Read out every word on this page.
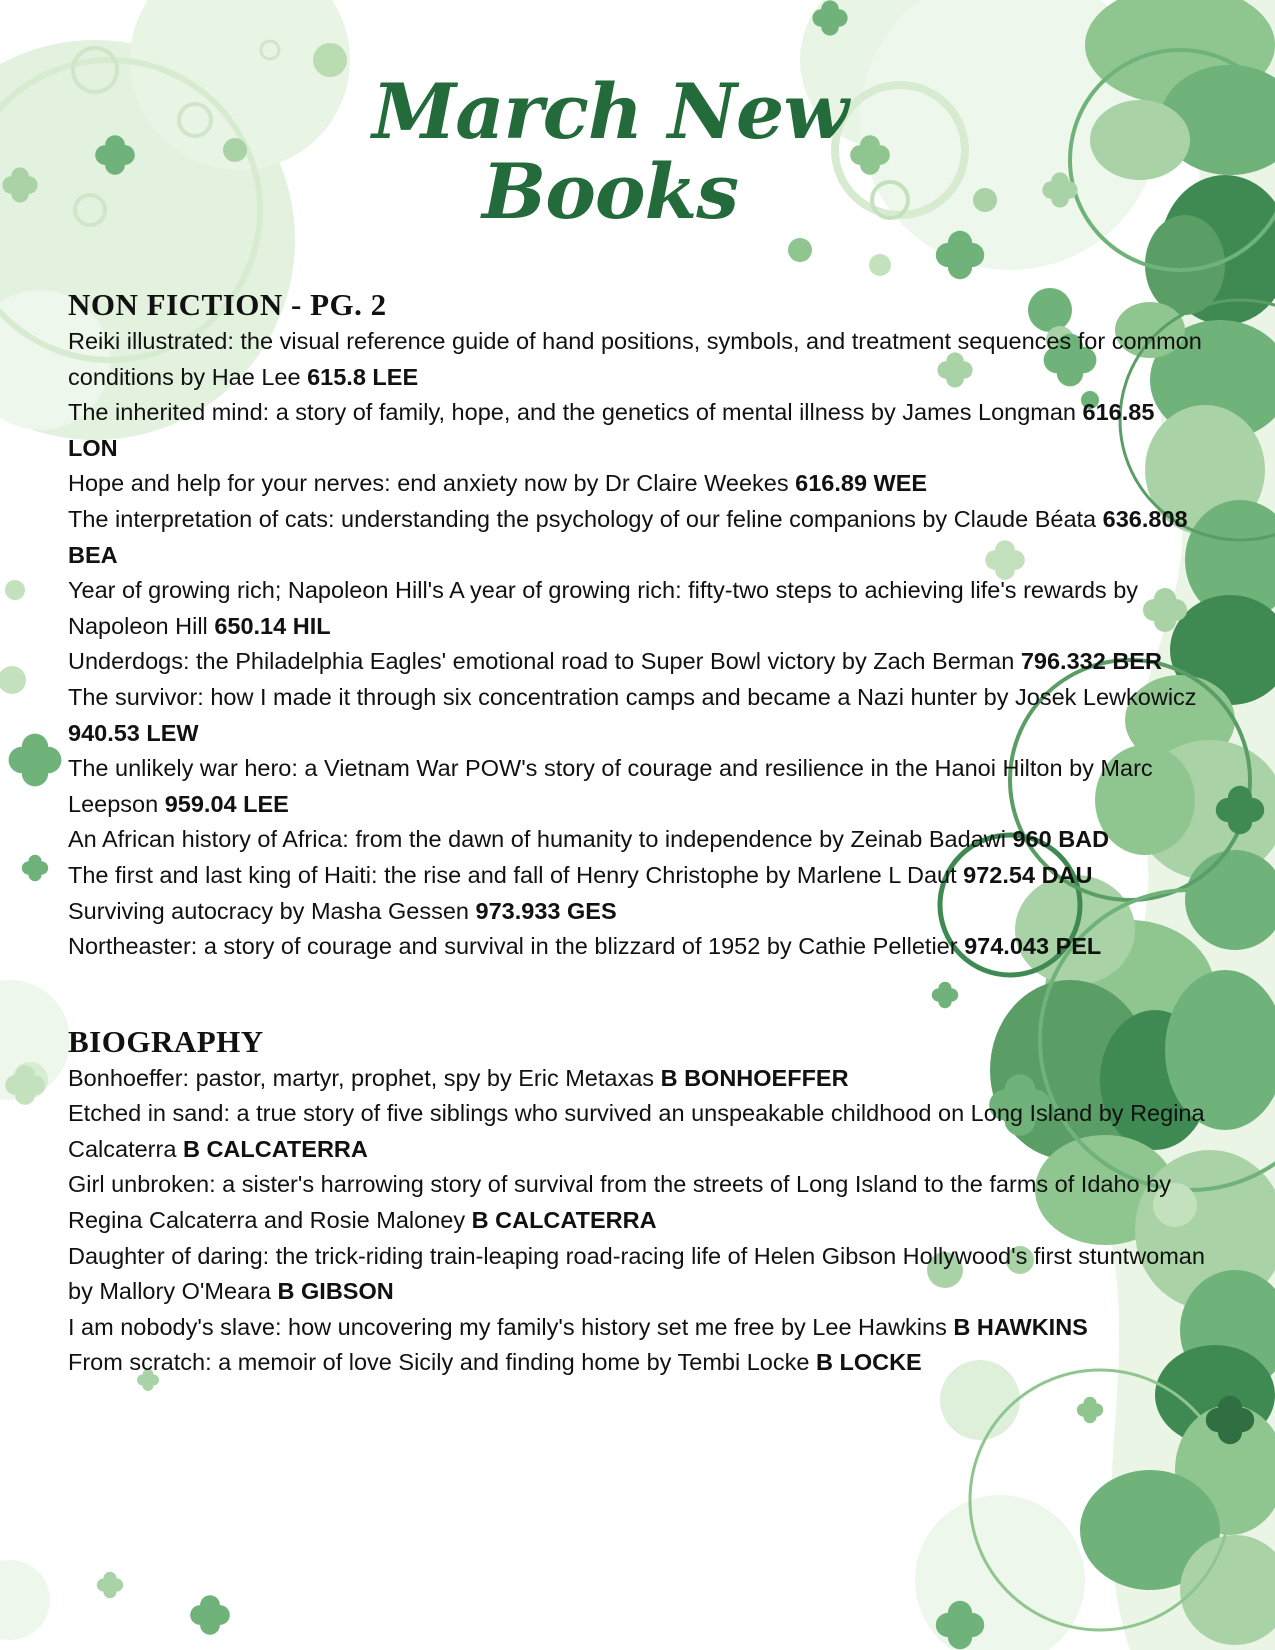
March New
Books
NON FICTION - PG. 2

Reiki illustrated: the visual reference guide of hand positions, symbols, and treatment sequences for common conditions by Hae Lee 615.8 LEE

The inherited mind: a story of family, hope, and the genetics of mental illness by James Longman 616.85 LON

Hope and help for your nerves: end anxiety now by Dr Claire Weekes 616.89 WEE

The interpretation of cats: understanding the psychology of our feline companions by Claude Béata 636.808 BEA

Year of growing rich; Napoleon Hill's A year of growing rich: fifty-two steps to achieving life's rewards by Napoleon Hill 650.14 HIL

Underdogs: the Philadelphia Eagles' emotional road to Super Bowl victory by Zach Berman 796.332 BER

The survivor: how I made it through six concentration camps and became a Nazi hunter by Josek Lewkowicz 940.53 LEW

The unlikely war hero: a Vietnam War POW's story of courage and resilience in the Hanoi Hilton by Marc Leepson 959.04 LEE

An African history of Africa: from the dawn of humanity to independence by Zeinab Badawi 960 BAD

The first and last king of Haiti: the rise and fall of Henry Christophe by Marlene L Daut 972.54 DAU

Surviving autocracy by Masha Gessen 973.933 GES

Northeaster: a story of courage and survival in the blizzard of 1952 by Cathie Pelletier 974.043 PEL

BIOGRAPHY

Bonhoeffer: pastor, martyr, prophet, spy by Eric Metaxas B BONHOEFFER

Etched in sand: a true story of five siblings who survived an unspeakable childhood on Long Island by Regina Calcaterra B CALCATERRA

Girl unbroken: a sister's harrowing story of survival from the streets of Long Island to the farms of Idaho by Regina Calcaterra and Rosie Maloney B CALCATERRA

Daughter of daring: the trick-riding train-leaping road-racing life of Helen Gibson Hollywood's first stuntwoman by Mallory O'Meara B GIBSON

I am nobody's slave: how uncovering my family's history set me free by Lee Hawkins B HAWKINS

From scratch: a memoir of love Sicily and finding home by Tembi Locke B LOCKE
